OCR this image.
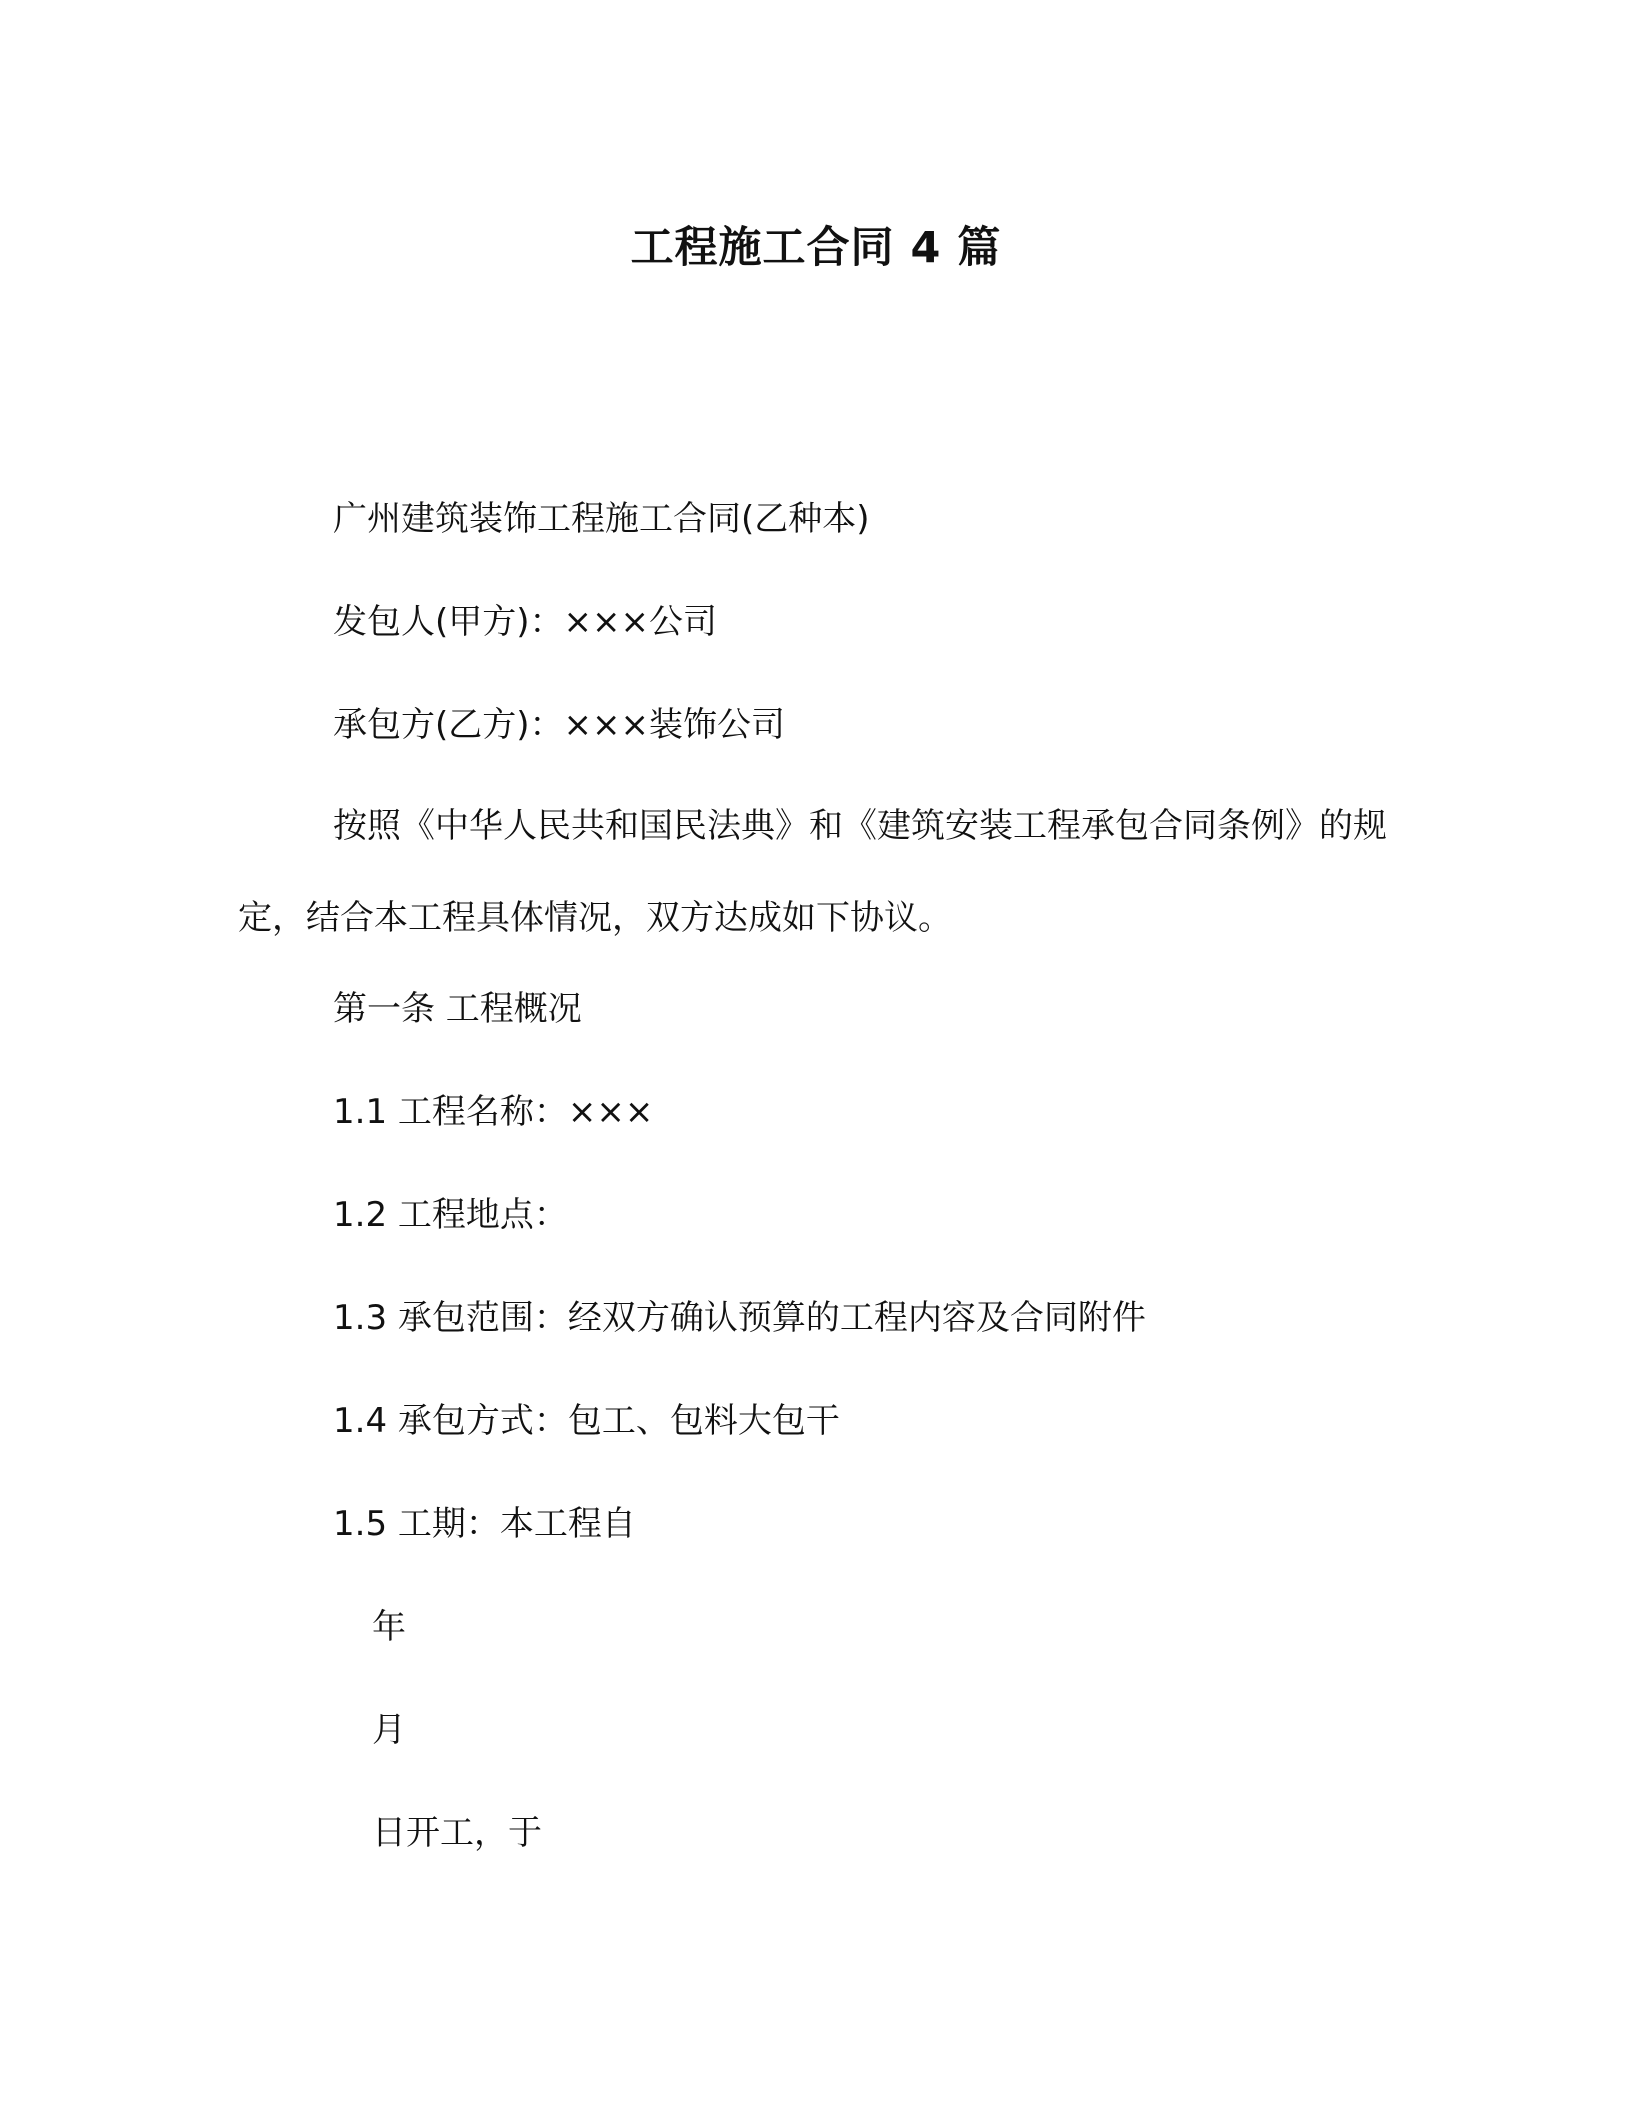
工程施工合同 4 篇
广州建筑装饰工程施工合同(乙种本)
发包人(甲方)：×××公司
承包方(乙方)：×××装饰公司
按照《中华人民共和国民法典》和《建筑安装工程承包合同条例》的规定，结合本工程具体情况，双方达成如下协议。
第一条 工程概况
1.1 工程名称：×××
1.2 工程地点：
1.3 承包范围：经双方确认预算的工程内容及合同附件
1.4 承包方式：包工、包料大包干
1.5 工期：本工程自
年
月
日开工，于
